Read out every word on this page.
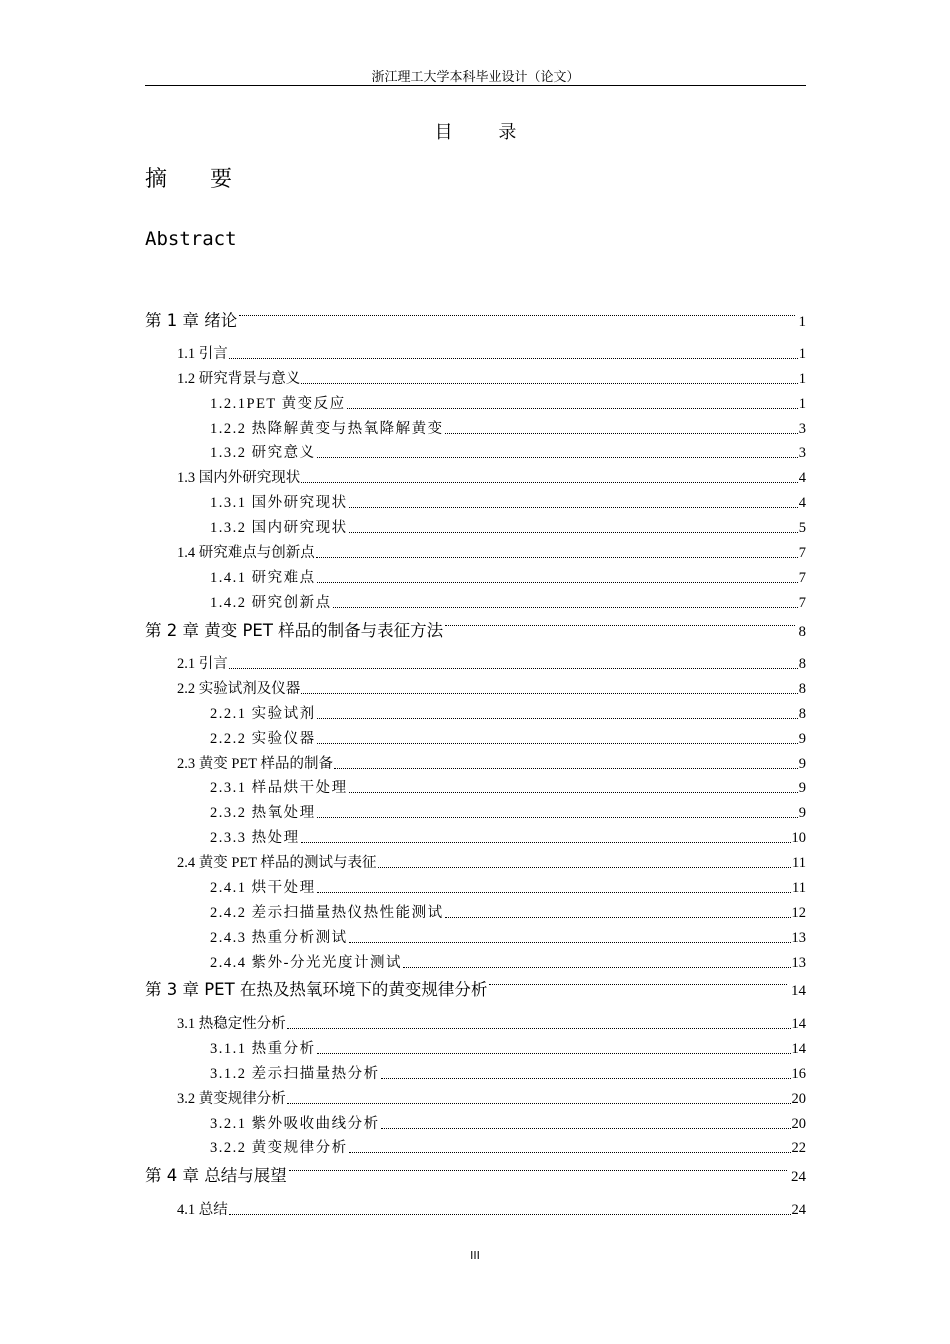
浙江理工大学本科毕业设计（论文）
目 录
摘 要
Abstract
第 1 章 绪论	1
1.1 引言	1
1.2 研究背景与意义	1
1.2.1PET 黄变反应	1
1.2.2 热降解黄变与热氧降解黄变	3
1.3.2 研究意义	3
1.3 国内外研究现状	4
1.3.1 国外研究现状	4
1.3.2 国内研究现状	5
1.4 研究难点与创新点	7
1.4.1 研究难点	7
1.4.2 研究创新点	7
第 2 章 黄变 PET 样品的制备与表征方法	8
2.1 引言	8
2.2 实验试剂及仪器	8
2.2.1 实验试剂	8
2.2.2 实验仪器	9
2.3 黄变 PET 样品的制备	9
2.3.1 样品烘干处理	9
2.3.2 热氧处理	9
2.3.3 热处理	10
2.4 黄变 PET 样品的测试与表征	11
2.4.1 烘干处理	11
2.4.2 差示扫描量热仪热性能测试	12
2.4.3 热重分析测试	13
2.4.4 紫外-分光光度计测试	13
第 3 章 PET 在热及热氧环境下的黄变规律分析	14
3.1 热稳定性分析	14
3.1.1 热重分析	14
3.1.2 差示扫描量热分析	16
3.2 黄变规律分析	20
3.2.1 紫外吸收曲线分析	20
3.2.2 黄变规律分析	22
第 4 章 总结与展望	24
4.1 总结	24
III
